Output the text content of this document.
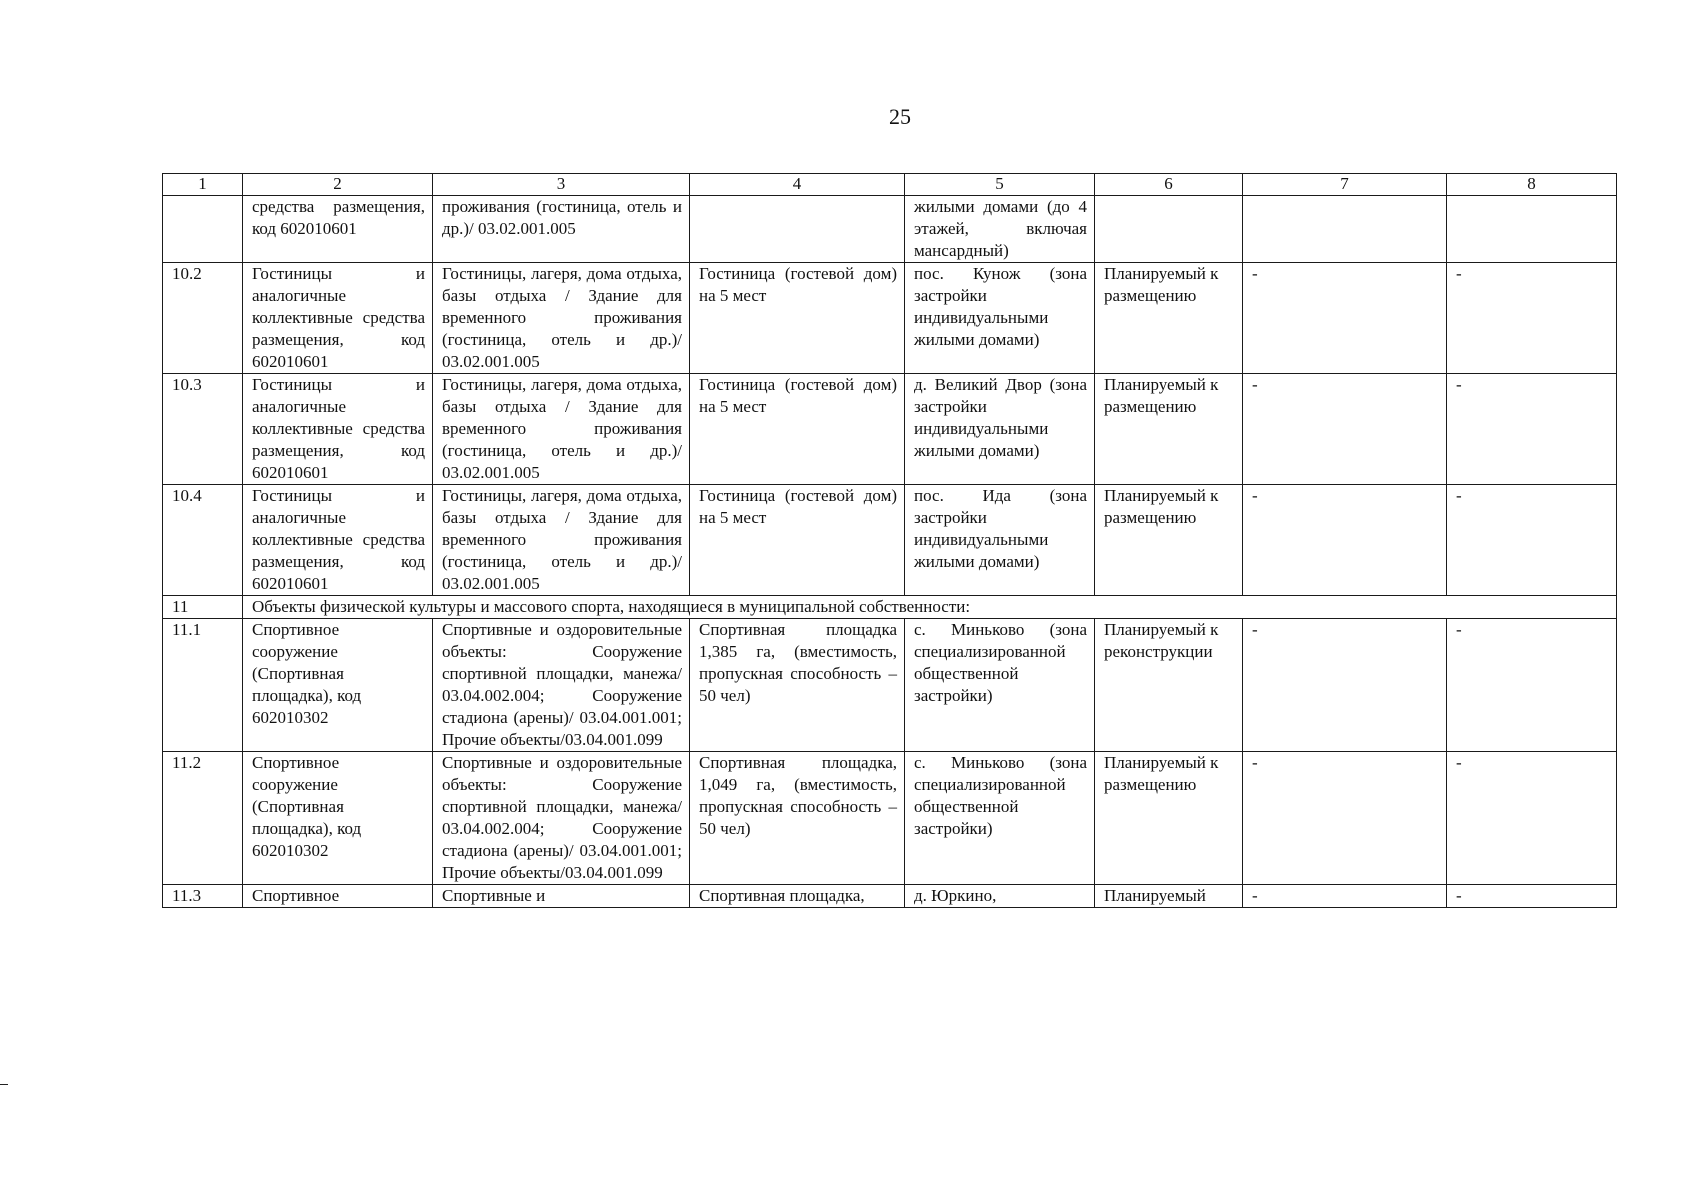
25
1	2	3	4	5	6	7	8
	средства размещения, код 602010601	проживания (гостиница, отель и др.)/ 03.02.001.005		жилыми домами (до 4 этажей, включая мансардный)			
10.2	Гостиницы и аналогичные коллективные средства размещения, код 602010601	Гостиницы, лагеря, дома отдыха, базы отдыха / Здание для временного проживания (гостиница, отель и др.)/ 03.02.001.005	Гостиница (гостевой дом) на 5 мест	пос. Кунож (зона застройки индивидуальными жилыми домами)	Планируемый к размещению	-	-
10.3	Гостиницы и аналогичные коллективные средства размещения, код 602010601	Гостиницы, лагеря, дома отдыха, базы отдыха / Здание для временного проживания (гостиница, отель и др.)/ 03.02.001.005	Гостиница (гостевой дом) на 5 мест	д. Великий Двор (зона застройки индивидуальными жилыми домами)	Планируемый к размещению	-	-
10.4	Гостиницы и аналогичные коллективные средства размещения, код 602010601	Гостиницы, лагеря, дома отдыха, базы отдыха / Здание для временного проживания (гостиница, отель и др.)/ 03.02.001.005	Гостиница (гостевой дом) на 5 мест	пос. Ида (зона застройки индивидуальными жилыми домами)	Планируемый к размещению	-	-
11	Объекты физической культуры и массового спорта, находящиеся в муниципальной собственности:						
11.1	Спортивное сооружение (Спортивная площадка), код 602010302	Спортивные и оздоровительные объекты: Сооружение спортивной площадки, манежа/ 03.04.002.004; Сооружение стадиона (арены)/ 03.04.001.001; Прочие объекты/03.04.001.099	Спортивная площадка 1,385 га, (вместимость, пропускная способность – 50 чел)	с. Миньково (зона специализированной общественной застройки)	Планируемый к реконструкции	-	-
11.2	Спортивное сооружение (Спортивная площадка), код 602010302	Спортивные и оздоровительные объекты: Сооружение спортивной площадки, манежа/ 03.04.002.004; Сооружение стадиона (арены)/ 03.04.001.001; Прочие объекты/03.04.001.099	Спортивная площадка, 1,049 га, (вместимость, пропускная способность – 50 чел)	с. Миньково (зона специализированной общественной застройки)	Планируемый к размещению	-	-
11.3	Спортивное	Спортивные и	Спортивная площадка,	д. Юркино,	Планируемый	-	-
